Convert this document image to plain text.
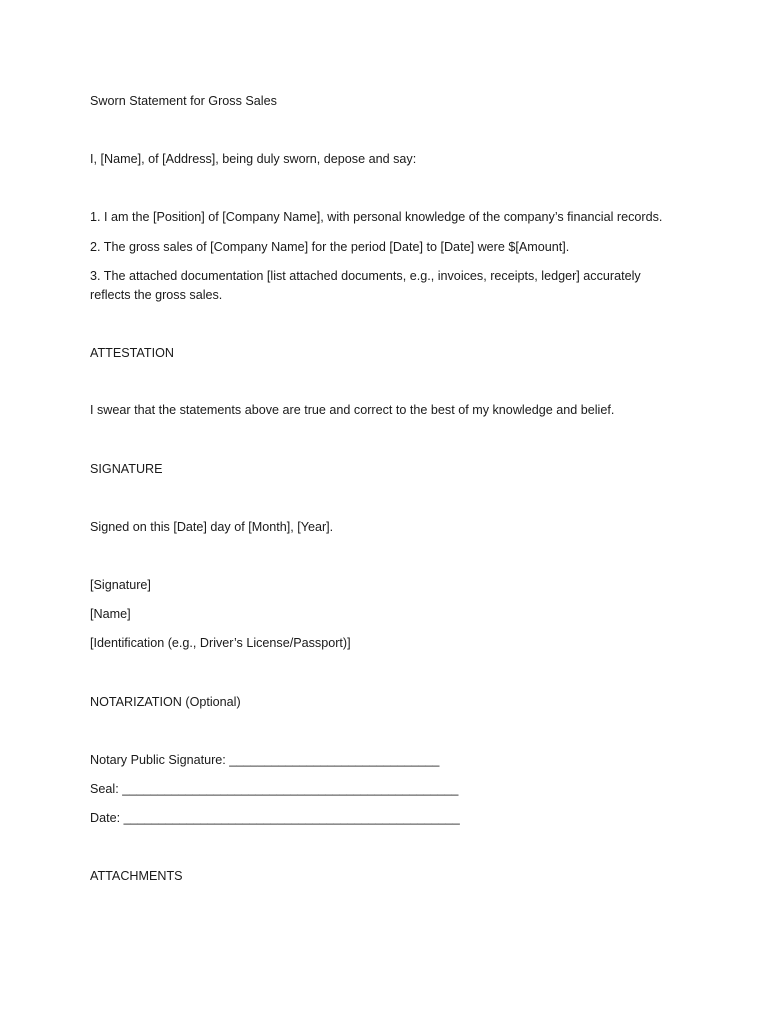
Sworn Statement for Gross Sales

I, [Name], of [Address], being duly sworn, depose and say:

1. I am the [Position] of [Company Name], with personal knowledge of the company’s financial records.

2. The gross sales of [Company Name] for the period [Date] to [Date] were $[Amount].

3. The attached documentation [list attached documents, e.g., invoices, receipts, ledger] accurately reflects the gross sales.

ATTESTATION

I swear that the statements above are true and correct to the best of my knowledge and belief.

SIGNATURE

Signed on this [Date] day of [Month], [Year].

[Signature]

[Name]

[Identification (e.g., Driver’s License/Passport)]

NOTARIZATION (Optional)

Notary Public Signature: ______________________________

Seal: ________________________________________________

Date: ________________________________________________

ATTACHMENTS
